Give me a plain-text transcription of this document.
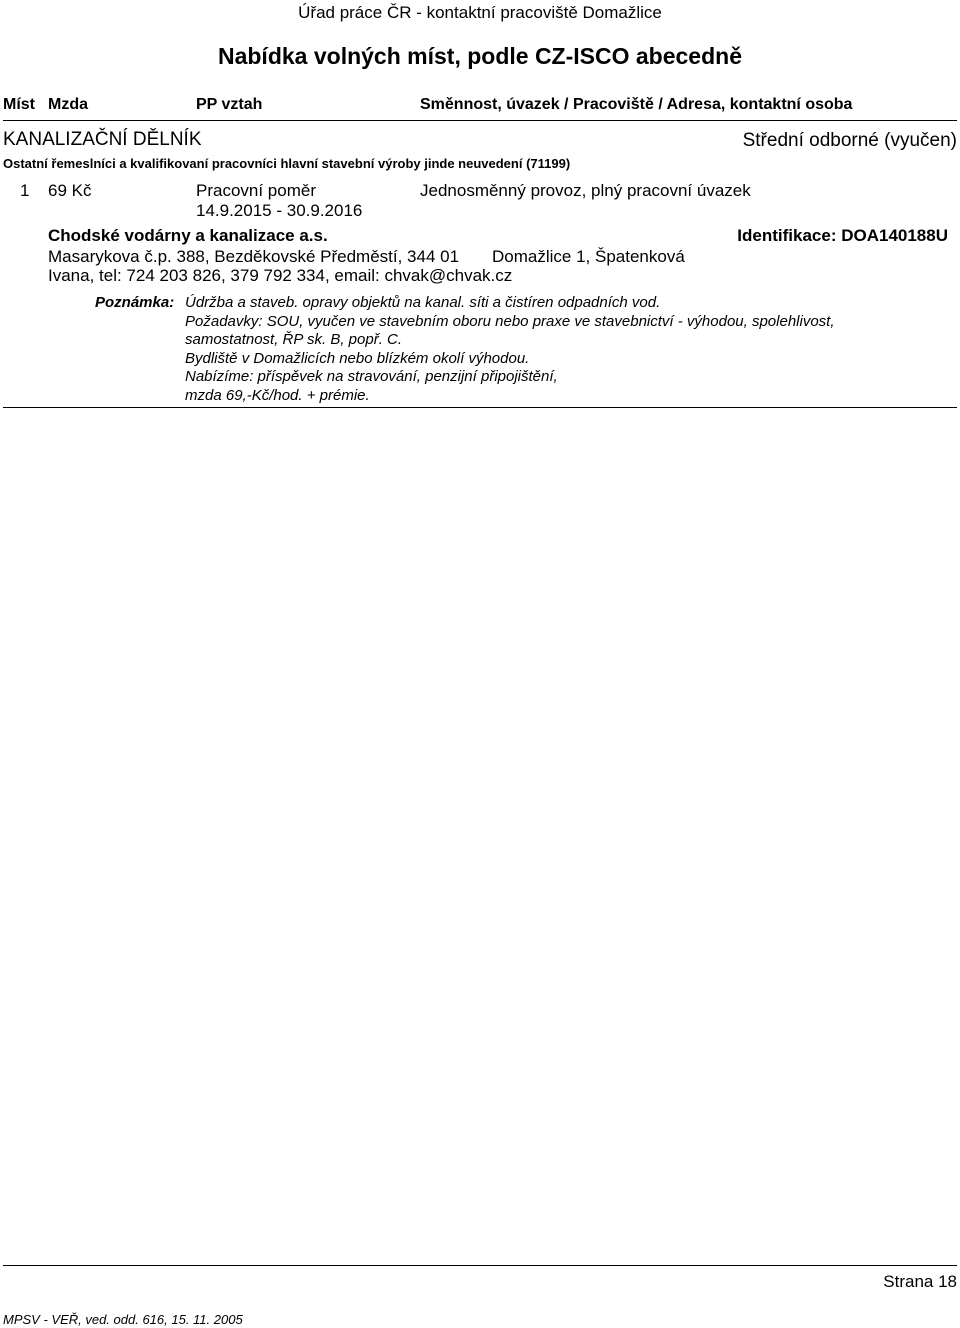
Úřad práce ČR - kontaktní pracoviště Domažlice
Nabídka volných míst, podle CZ-ISCO abecedně
Míst Mzda	PP vztah	Směnnost, úvazek / Pracoviště / Adresa, kontaktní osoba
KANALIZAČNÍ DĚLNÍK	Střední odborné (vyučen)
Ostatní řemeslníci a kvalifikovaní pracovníci hlavní stavební výroby jinde neuvedení (71199)
1 69 Kč	Pracovní poměr	Jednosměnný provoz, plný pracovní úvazek
14.9.2015 - 30.9.2016
Chodské vodárny a kanalizace a.s.	Identifikace: DOA140188U
Masarykova č.p. 388, Bezděkovské Předměstí, 344 01 Domažlice 1, Špatenková
Ivana, tel: 724 203 826, 379 792 334, email: chvak@chvak.cz
Poznámka: Údržba a staveb. opravy objektů na kanal. síti a čistíren odpadních vod.
Požadavky: SOU, vyučen ve stavebním oboru nebo praxe ve stavebnictví - výhodou, spolehlivost,
samostatnost, ŘP sk. B, popř. C.
Bydliště v Domažlicích nebo blízkém okolí výhodou.
Nabízíme: příspěvek na stravování, penzijní připojištění,
mzda 69,-Kč/hod. + prémie.
Strana 18
MPSV - VEŘ, ved. odd. 616, 15. 11. 2005
